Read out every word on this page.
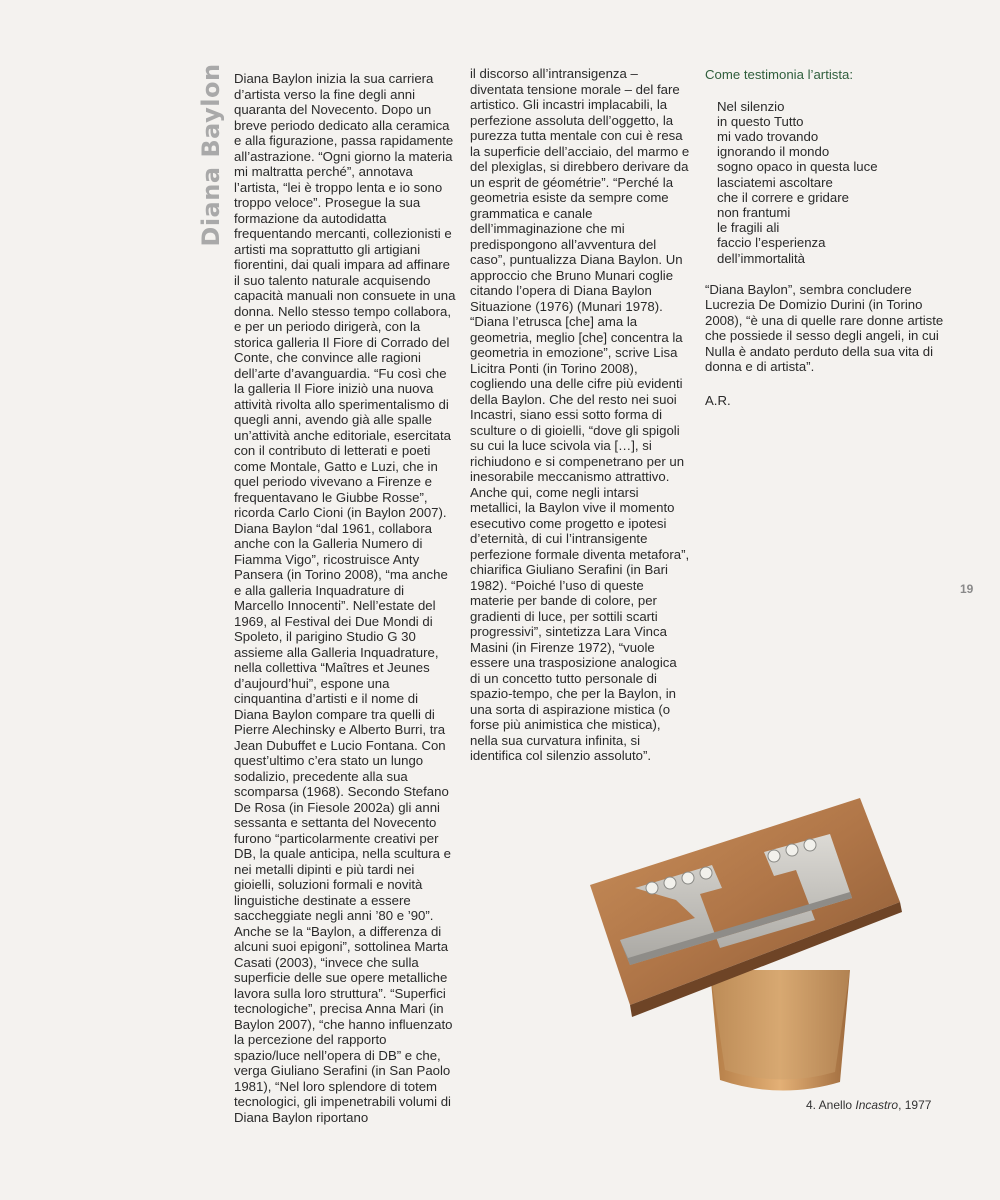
Diana Baylon Diana Baylon inizia la sua carriera d’artista verso la fine degli anni quaranta del Novecento. Dopo un breve periodo dedicato alla ceramica e alla figurazione, passa rapidamente all’astrazione. “Ogni giorno la materia mi maltratta perché”, annotava l’artista, “lei è troppo lenta e io sono troppo veloce”. Prosegue la sua formazione da autodidatta frequentando mercanti, collezionisti e artisti ma soprattutto gli artigiani fiorentini, dai quali impara ad affinare il suo talento naturale acquisendo capacità manuali non consuete in una donna. Nello stesso tempo collabora, e per un periodo dirigerà, con la storica galleria Il Fiore di Corrado del Conte, che convince alle ragioni dell’arte d’avanguardia. “Fu così che la galleria Il Fiore iniziò una nuova attività rivolta allo sperimentalismo di quegli anni, avendo già alle spalle un’attività anche editoriale, esercitata con il contributo di letterati e poeti come Montale, Gatto e Luzi, che in quel periodo vivevano a Firenze e frequentavano le Giubbe Rosse”, ricorda Carlo Cioni (in Baylon 2007). Diana Baylon “dal 1961, collabora anche con la Galleria Numero di Fiamma Vigo”, ricostruisce Anty Pansera (in Torino 2008), “ma anche e alla galleria Inquadrature di Marcello Innocenti”. Nell’estate del 1969, al Festival dei Due Mondi di Spoleto, il parigino Studio G 30 assieme alla Galleria Inquadrature, nella collettiva “Maîtres et Jeunes d’aujourd’hui”, espone una cinquantina d’artisti e il nome di Diana Baylon compare tra quelli di Pierre Alechinsky e Alberto Burri, tra Jean Dubuffet e Lucio Fontana. Con quest’ultimo c’era stato un lungo sodalizio, precedente alla sua scomparsa (1968). Secondo Stefano De Rosa (in Fiesole 2002a) gli anni sessanta e settanta del Novecento furono “particolarmente creativi per DB, la quale anticipa, nella scultura e nei metalli dipinti e più tardi nei gioielli, soluzioni formali e novità linguistiche destinate a essere saccheggiate negli anni ’80 e ’90”. Anche se la “Baylon, a differenza di alcuni suoi epigoni”, sottolinea Marta Casati (2003), “invece che sulla superficie delle sue opere metalliche lavora sulla loro struttura”. “Superfici tecnologiche”, precisa Anna Mari (in Baylon 2007), “che hanno influenzato la percezione del rapporto spazio/luce nell’opera di DB” e che, verga Giuliano Serafini (in San Paolo 1981), “Nel loro splendore di totem tecnologici, gli impenetrabili volumi di Diana Baylon riportano

il discorso all’intransigenza – diventata tensione morale – del fare artistico. Gli incastri implacabili, la perfezione assoluta dell’oggetto, la purezza tutta mentale con cui è resa la superficie dell’acciaio, del marmo e del plexiglas, si direbbero derivare da un esprit de géométrie”. “Perché la geometria esiste da sempre come grammatica e canale dell’immaginazione che mi predispongono all’avventura del caso”, puntualizza Diana Baylon. Un approccio che Bruno Munari coglie citando l’opera di Diana Baylon Situazione (1976) (Munari 1978). “Diana l’etrusca [che] ama la geometria, meglio [che] concentra la geometria in emozione”, scrive Lisa Licitra Ponti (in Torino 2008), cogliendo una delle cifre più evidenti della Baylon. Che del resto nei suoi Incastri, siano essi sotto forma di sculture o di gioielli, “dove gli spigoli su cui la luce scivola via […], si richiudono e si compenetrano per un inesorabile meccanismo attrattivo. Anche qui, come negli intarsi metallici, la Baylon vive il momento esecutivo come progetto e ipotesi d’eternità, di cui l’intransigente perfezione formale diventa metafora”, chiarifica Giuliano Serafini (in Bari 1982). “Poiché l’uso di queste materie per bande di colore, per gradienti di luce, per sottili scarti progressivi”, sintetizza Lara Vinca Masini (in Firenze 1972), “vuole essere una trasposizione analogica di un concetto tutto personale di spazio-tempo, che per la Baylon, in una sorta di aspirazione mistica (o forse più animistica che mistica), nella sua curvatura infinita, si identifica col silenzio assoluto”.

Come testimonia l’artista:

Nel silenzio
in questo Tutto
mi vado trovando
ignorando il mondo
sogno opaco in questa luce
lasciatemi ascoltare
che il correre e gridare
non frantumi
le fragili ali
faccio l’esperienza
dell’immortalità

“Diana Baylon”, sembra concludere Lucrezia De Domizio Durini (in Torino 2008), “è una di quelle rare donne artiste che possiede il sesso degli angeli, in cui Nulla è andato perduto della sua vita di donna e di artista”.

A.R.

19
4. Anello Incastro, 1977
